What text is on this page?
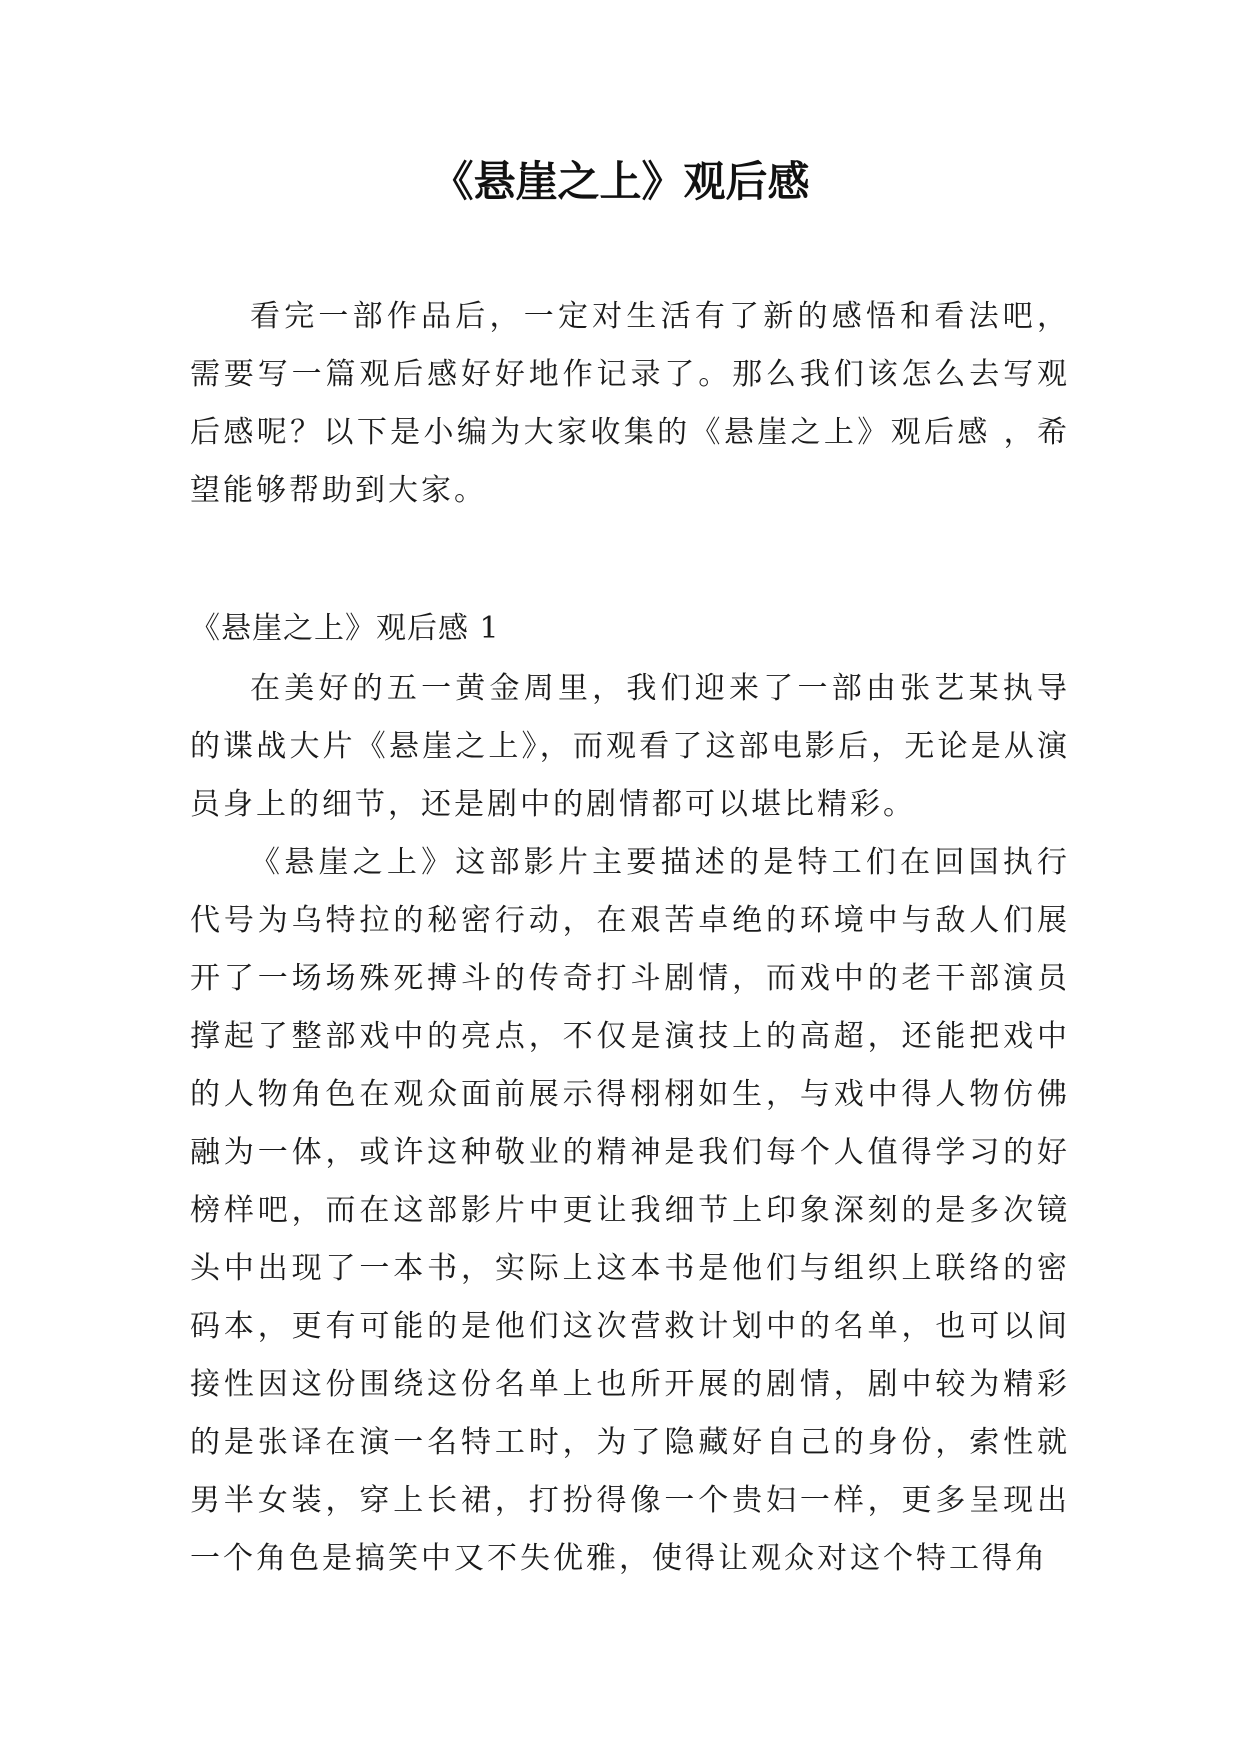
《悬崖之上》观后感

看完一部作品后，一定对生活有了新的感悟和看法吧，需要写一篇观后感好好地作记录了。那么我们该怎么去写观后感呢？以下是小编为大家收集的《悬崖之上》观后感 ，希望能够帮助到大家。

《悬崖之上》观后感 1

在美好的五一黄金周里，我们迎来了一部由张艺某执导的谍战大片《悬崖之上》，而观看了这部电影后，无论是从演员身上的细节，还是剧中的剧情都可以堪比精彩。

《悬崖之上》这部影片主要描述的是特工们在回国执行代号为乌特拉的秘密行动，在艰苦卓绝的环境中与敌人们展开了一场场殊死搏斗的传奇打斗剧情，而戏中的老干部演员撑起了整部戏中的亮点，不仅是演技上的高超，还能把戏中的人物角色在观众面前展示得栩栩如生，与戏中得人物仿佛融为一体，或许这种敬业的精神是我们每个人值得学习的好榜样吧，而在这部影片中更让我细节上印象深刻的是多次镜头中出现了一本书，实际上这本书是他们与组织上联络的密码本，更有可能的是他们这次营救计划中的名单，也可以间接性因这份围绕这份名单上也所开展的剧情，剧中较为精彩的是张译在演一名特工时，为了隐藏好自己的身份，索性就男半女装，穿上长裙，打扮得像一个贵妇一样，更多呈现出一个角色是搞笑中又不失优雅，使得让观众对这个特工得角
